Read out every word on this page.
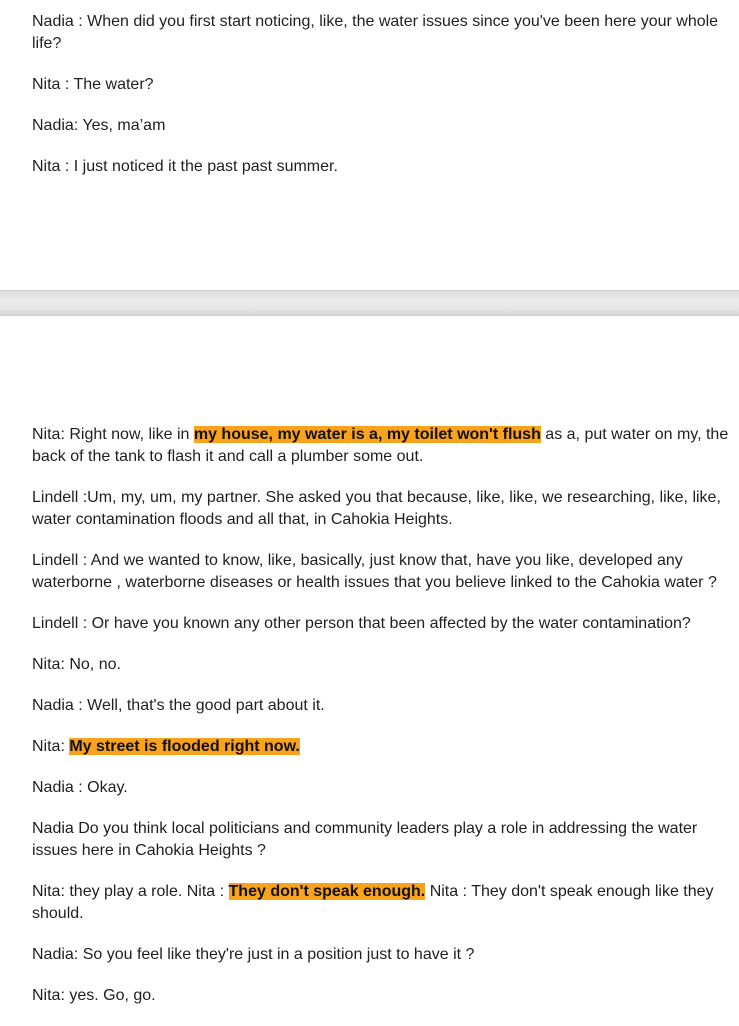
Nadia : When did you first start noticing, like, the water issues since you've been here your whole life?

Nita : The water?

Nadia: Yes, ma’am

Nita : I just noticed it the past past summer.

Nita: Right now, like in my house, my water is a, my toilet won't flush as a, put water on my, the back of the tank to flash it and call a plumber some out.

Lindell :Um, my, um, my partner. She asked you that because, like, like, we researching, like, like, water contamination floods and all that, in Cahokia Heights.

Lindell : And we wanted to know, like, basically, just know that, have you like, developed any waterborne , waterborne diseases or health issues that you believe linked to the Cahokia water ?

Lindell : Or have you known any other person that been affected by the water contamination?

Nita: No, no.

Nadia : Well, that's the good part about it.

Nita: My street is flooded right now.

Nadia : Okay.

Nadia Do you think local politicians and community leaders play a role in addressing the water issues here in Cahokia Heights ?

Nita: they play a role. Nita : They don't speak enough. Nita : They don't speak enough like they should.

Nadia: So you feel like they're just in a position just to have it ?

Nita: yes. Go, go.
